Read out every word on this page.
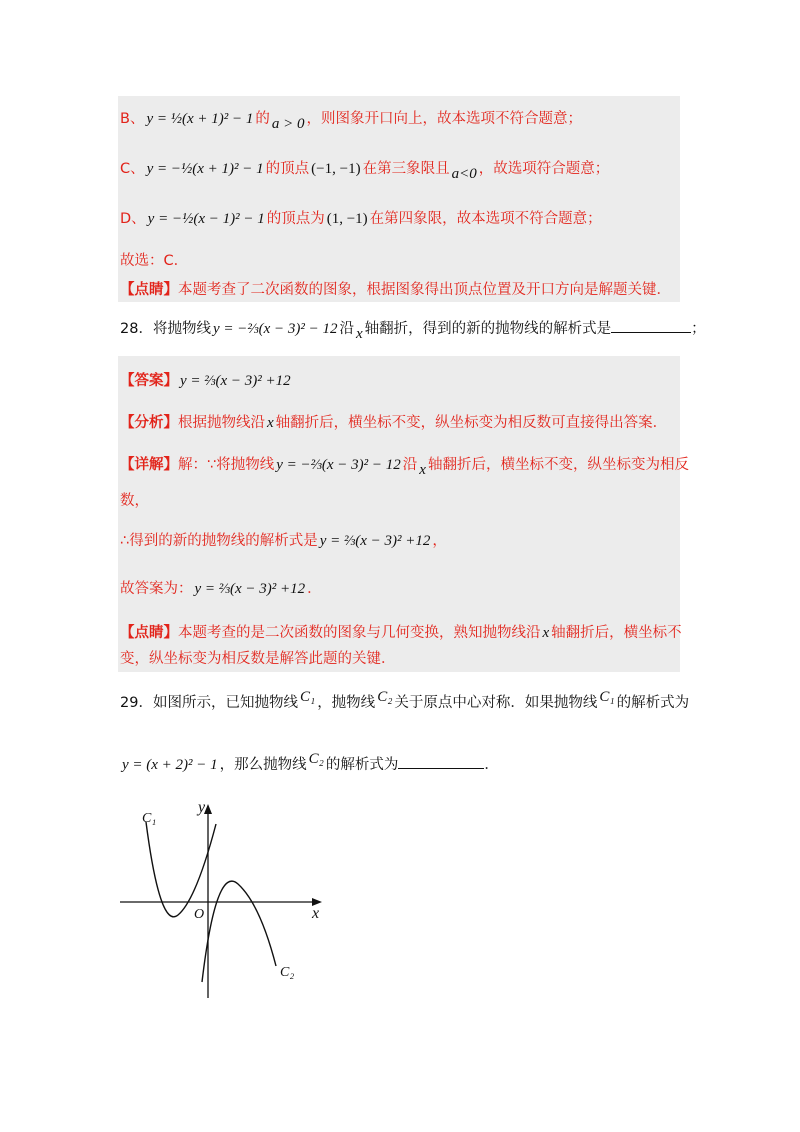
B、 y = ½(x + 1)² − 1 的 a > 0 ，则图象开口向上，故本选项不符合题意；
C、 y = −½(x + 1)² − 1 的顶点 (−1, −1) 在第三象限且 a<0 ，故选项符合题意；
D、 y = −½(x − 1)² − 1 的顶点为 (1, −1) 在第四象限，故本选项不符合题意；
故选：C．
【点睛】本题考查了二次函数的图象，根据图象得出顶点位置及开口方向是解题关键．
28．将抛物线 y = −⅔(x − 3)² − 12 沿 x 轴翻折，得到的新的抛物线的解析式是	；
【答案】 y = ⅔(x − 3)² +12
【分析】根据抛物线沿 x 轴翻折后，横坐标不变，纵坐标变为相反数可直接得出答案．
【详解】解：∵将抛物线 y = −⅔(x − 3)² − 12 沿 x 轴翻折后，横坐标不变，纵坐标变为相反
数，
∴得到的新的抛物线的解析式是 y = ⅔(x − 3)² +12 ，
故答案为： y = ⅔(x − 3)² +12 ．
【点睛】本题考查的是二次函数的图象与几何变换，熟知抛物线沿 x 轴翻折后，横坐标不
变，纵坐标变为相反数是解答此题的关键．
29．如图所示，已知抛物线 C₁ ，抛物线 C₂ 关于原点中心对称．如果抛物线 C₁ 的解析式为
y = (x + 2)² − 1 ，那么抛物线 C₂ 的解析式为	．
y
x
O
C₁
C₂
